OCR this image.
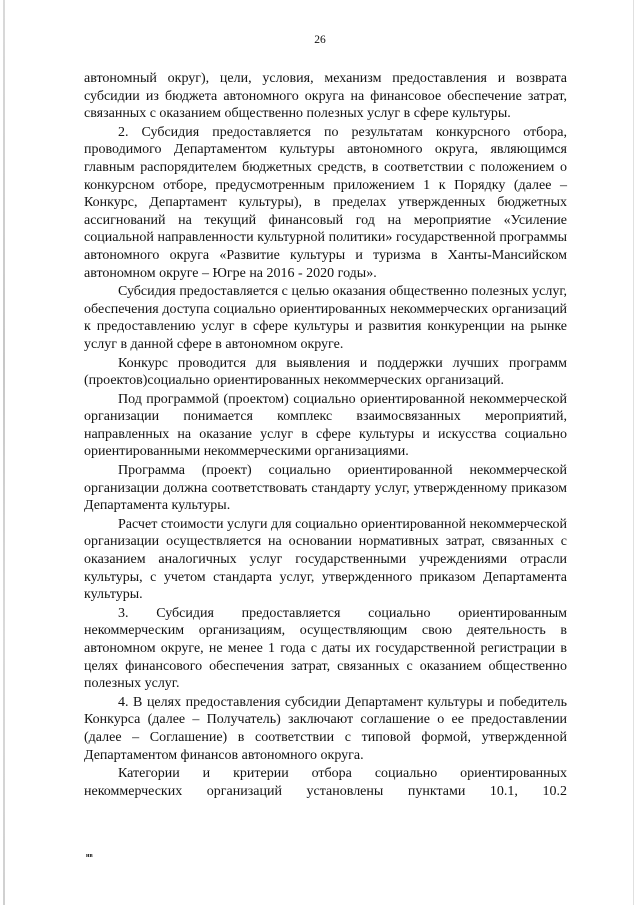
26

автономный округ), цели, условия, механизм предоставления и возврата субсидии из бюджета автономного округа на финансовое обеспечение затрат, связанных с оказанием общественно полезных услуг в сфере культуры.

2. Субсидия предоставляется по результатам конкурсного отбора, проводимого Департаментом культуры автономного округа, являющимся главным распорядителем бюджетных средств, в соответствии с положением о конкурсном отборе, предусмотренным приложением 1 к Порядку (далее – Конкурс, Департамент культуры), в пределах утвержденных бюджетных ассигнований на текущий финансовый год на мероприятие «Усиление социальной направленности культурной политики» государственной программы автономного округа «Развитие культуры и туризма в Ханты-Мансийском автономном округе – Югре на 2016 - 2020 годы».

Субсидия предоставляется с целью оказания общественно полезных услуг, обеспечения доступа социально ориентированных некоммерческих организаций к предоставлению услуг в сфере культуры и развития конкуренции на рынке услуг в данной сфере в автономном округе.

Конкурс проводится для выявления и поддержки лучших программ (проектов)социально ориентированных некоммерческих организаций.

Под программой (проектом) социально ориентированной некоммерческой организации понимается комплекс взаимосвязанных мероприятий, направленных на оказание услуг в сфере культуры и искусства социально ориентированными некоммерческими организациями.

Программа (проект) социально ориентированной некоммерческой организации должна соответствовать стандарту услуг, утвержденному приказом Департамента культуры.

Расчет стоимости услуги для социально ориентированной некоммерческой организации осуществляется на основании нормативных затрат, связанных с оказанием аналогичных услуг государственными учреждениями отрасли культуры, с учетом стандарта услуг, утвержденного приказом Департамента культуры.

3. Субсидия предоставляется социально ориентированным некоммерческим организациям, осуществляющим свою деятельность в автономном округе, не менее 1 года с даты их государственной регистрации в целях финансового обеспечения затрат, связанных с оказанием общественно полезных услуг.

4. В целях предоставления субсидии Департамент культуры и победитель Конкурса (далее – Получатель) заключают соглашение о ее предоставлении (далее – Соглашение) в соответствии с типовой формой, утвержденной Департаментом финансов автономного округа.

Категории и критерии отбора социально ориентированных некоммерческих организаций установлены пунктами 10.1, 10.2

нв
